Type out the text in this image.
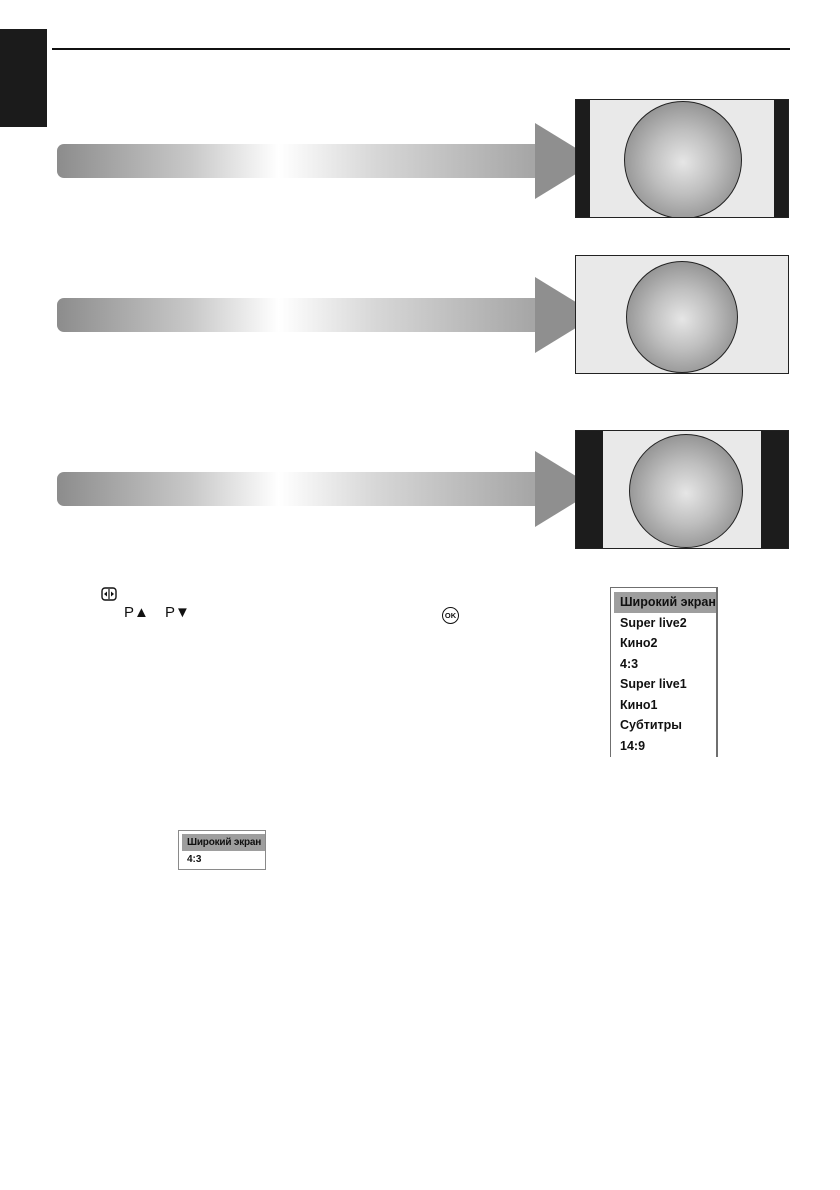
P▲ P▼	OK
Широкий экран
Super live2
Кино2
4:3
Super live1
Кино1
Субтитры
14:9
Широкий экран
4:3
